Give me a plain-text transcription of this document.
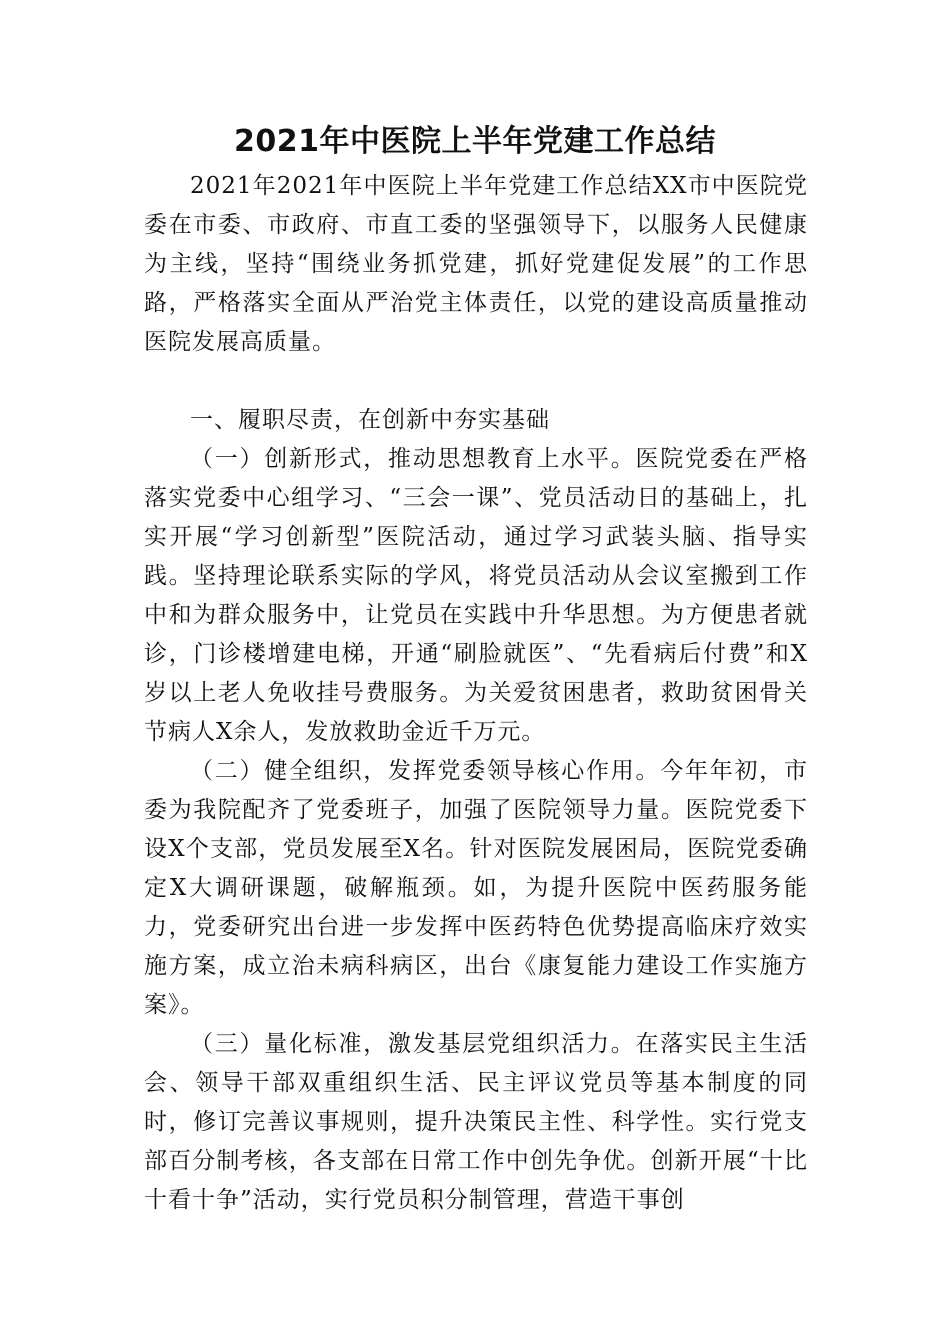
2021年中医院上半年党建工作总结

2021年2021年中医院上半年党建工作总结XX市中医院党委在市委、市政府、市直工委的坚强领导下，以服务人民健康为主线，坚持“围绕业务抓党建，抓好党建促发展”的工作思路，严格落实全面从严治党主体责任，以党的建设高质量推动医院发展高质量。

一、履职尽责，在创新中夯实基础

（一）创新形式，推动思想教育上水平。医院党委在严格落实党委中心组学习、“三会一课”、党员活动日的基础上，扎实开展“学习创新型”医院活动，通过学习武装头脑、指导实践。坚持理论联系实际的学风，将党员活动从会议室搬到工作中和为群众服务中，让党员在实践中升华思想。为方便患者就诊，门诊楼增建电梯，开通“刷脸就医”、“先看病后付费”和X岁以上老人免收挂号费服务。为关爱贫困患者，救助贫困骨关节病人X余人，发放救助金近千万元。

（二）健全组织，发挥党委领导核心作用。今年年初，市委为我院配齐了党委班子，加强了医院领导力量。医院党委下设X个支部，党员发展至X名。针对医院发展困局，医院党委确定X大调研课题，破解瓶颈。如，为提升医院中医药服务能力，党委研究出台进一步发挥中医药特色优势提高临床疗效实施方案，成立治未病科病区，出台《康复能力建设工作实施方案》。

（三）量化标准，激发基层党组织活力。在落实民主生活会、领导干部双重组织生活、民主评议党员等基本制度的同时，修订完善议事规则，提升决策民主性、科学性。实行党支部百分制考核，各支部在日常工作中创先争优。创新开展“十比十看十争”活动，实行党员积分制管理，营造干事创
